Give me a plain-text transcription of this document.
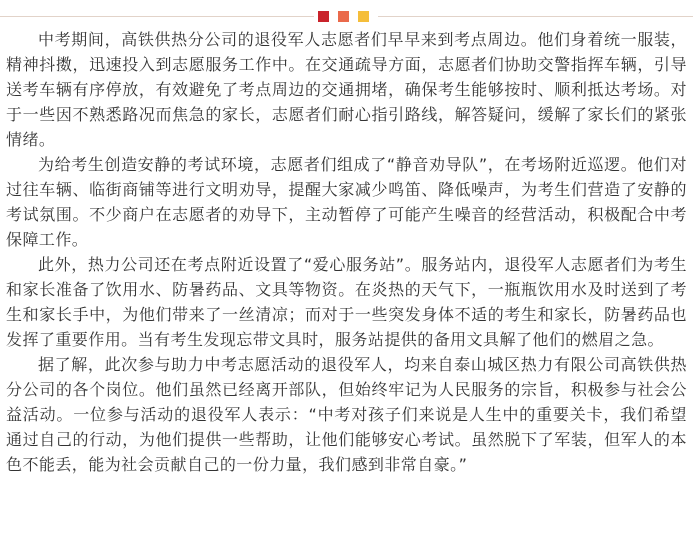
中考期间，高铁供热分公司的退役军人志愿者们早早来到考点周边。他们身着统一服装，精神抖擞，迅速投入到志愿服务工作中。在交通疏导方面，志愿者们协助交警指挥车辆，引导送考车辆有序停放，有效避免了考点周边的交通拥堵，确保考生能够按时、顺利抵达考场。对于一些因不熟悉路况而焦急的家长，志愿者们耐心指引路线，解答疑问，缓解了家长们的紧张情绪。

为给考生创造安静的考试环境，志愿者们组成了“静音劝导队”，在考场附近巡逻。他们对过往车辆、临街商铺等进行文明劝导，提醒大家减少鸣笛、降低噪声，为考生们营造了安静的考试氛围。不少商户在志愿者的劝导下，主动暂停了可能产生噪音的经营活动，积极配合中考保障工作。

此外，热力公司还在考点附近设置了“爱心服务站”。服务站内，退役军人志愿者们为考生和家长准备了饮用水、防暑药品、文具等物资。在炎热的天气下，一瓶瓶饮用水及时送到了考生和家长手中，为他们带来了一丝清凉；而对于一些突发身体不适的考生和家长，防暑药品也发挥了重要作用。当有考生发现忘带文具时，服务站提供的备用文具解了他们的燃眉之急。

据了解，此次参与助力中考志愿活动的退役军人，均来自泰山城区热力有限公司高铁供热分公司的各个岗位。他们虽然已经离开部队，但始终牢记为人民服务的宗旨，积极参与社会公益活动。一位参与活动的退役军人表示：“中考对孩子们来说是人生中的重要关卡，我们希望通过自己的行动，为他们提供一些帮助，让他们能够安心考试。虽然脱下了军装，但军人的本色不能丢，能为社会贡献自己的一份力量，我们感到非常自豪。”
